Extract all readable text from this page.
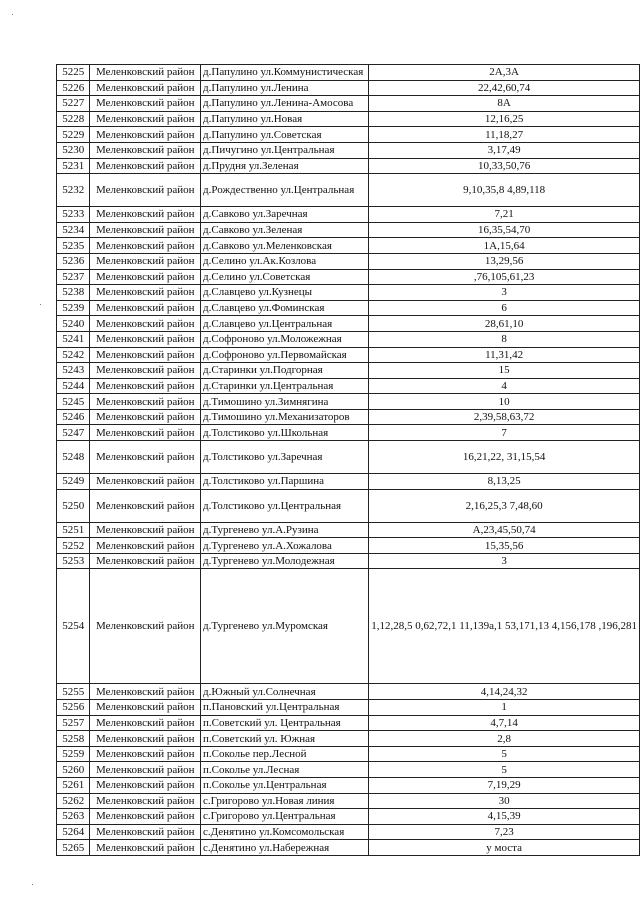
5225	Меленковский район	д.Папулино ул.Коммунистическая	2А,3А
5226	Меленковский район	д.Папулино ул.Ленина	22,42,60,74
5227	Меленковский район	д.Папулино ул.Ленина-Амосова	8А
5228	Меленковский район	д.Папулино ул.Новая	12,16,25
5229	Меленковский район	д.Папулино ул.Советская	11,18,27
5230	Меленковский район	д.Пичугино ул.Центральная	3,17,49
5231	Меленковский район	д.Прудня ул.Зеленая	10,33,50,76
5232	Меленковский район	д.Рождественно ул.Центральная	9,10,35,8 4,89,118
5233	Меленковский район	д.Савково ул.Заречная	7,21
5234	Меленковский район	д.Савково ул.Зеленая	16,35,54,70
5235	Меленковский район	д.Савково ул.Меленковская	1А,15,64
5236	Меленковский район	д.Селино ул.Ак.Козлова	13,29,56
5237	Меленковский район	д.Селино ул.Советская	,76,105,61,23
5238	Меленковский район	д.Славцево ул.Кузнецы	3
5239	Меленковский район	д.Славцево ул.Фоминская	6
5240	Меленковский район	д.Славцево ул.Центральная	28,61,10
5241	Меленковский район	д.Софроново ул.Моложежная	8
5242	Меленковский район	д.Софроново ул.Первомайская	11,31,42
5243	Меленковский район	д.Старинки ул.Подгорная	15
5244	Меленковский район	д.Старинки ул.Центральная	4
5245	Меленковский район	д.Тимошино ул.Зимнягина	10
5246	Меленковский район	д.Тимошино ул.Механизаторов	2,39,58,63,72
5247	Меленковский район	д.Толстиково ул.Школьная	7
5248	Меленковский район	д.Толстиково ул.Заречная	16,21,22, 31,15,54
5249	Меленковский район	д.Толстиково ул.Паршина	8,13,25
5250	Меленковский район	д.Толстиково ул.Центральная	2,16,25,3 7,48,60
5251	Меленковский район	д.Тургенево ул.А.Рузина	А,23,45,50,74
5252	Меленковский район	д.Тургенево ул.А.Хожалова	15,35,56
5253	Меленковский район	д.Тургенево ул.Молодежная	3
5254	Меленковский район	д.Тургенево ул.Муромская	1,12,28,5 0,62,72,1 11,139а,1 53,171,13 4,156,178 ,196,281
5255	Меленковский район	д.Южный ул.Солнечная	4,14,24,32
5256	Меленковский район	п.Пановский ул.Центральная	1
5257	Меленковский район	п.Советский ул. Центральная	4,7,14
5258	Меленковский район	п.Советский ул. Южная	2,8
5259	Меленковский район	п.Соколье пер.Лесной	5
5260	Меленковский район	п.Соколье ул.Лесная	5
5261	Меленковский район	п.Соколье ул.Центральная	7,19,29
5262	Меленковский район	с.Григорово ул.Новая линия	30
5263	Меленковский район	с.Григорово ул.Центральная	4,15,39
5264	Меленковский район	с.Денятино ул.Комсомольская	7,23
5265	Меленковский район	с.Денятино ул.Набережная	у моста
